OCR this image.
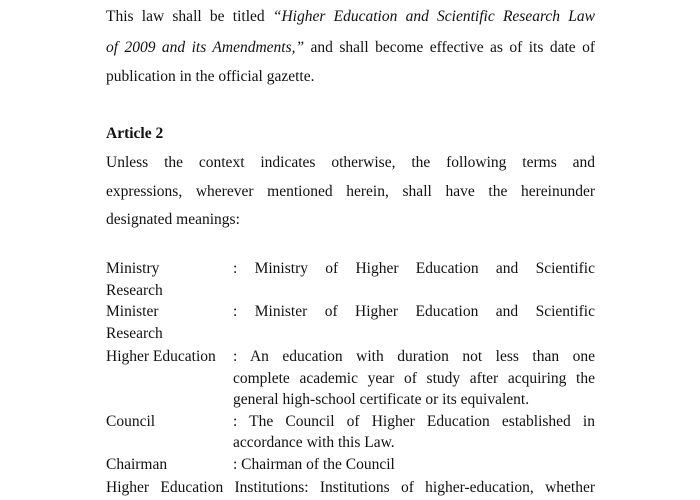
This law shall be titled “Higher Education and Scientific Research Law
of 2009 and its Amendments,” and shall become effective as of its date of
publication in the official gazette.
Article 2
Unless the context indicates otherwise, the following terms and
expressions, wherever mentioned herein, shall have the hereinunder
designated meanings:
Ministry	: Ministry of Higher Education and Scientific
Research
Minister	: Minister of Higher Education and Scientific
Research
Higher Education : An education with duration not less than one
complete academic year of study after acquiring the
general high-school certificate or its equivalent.
Council	: The Council of Higher Education established in
accordance with this Law.
Chairman	: Chairman of the Council
Higher Education Institutions: Institutions of higher-education, whether
